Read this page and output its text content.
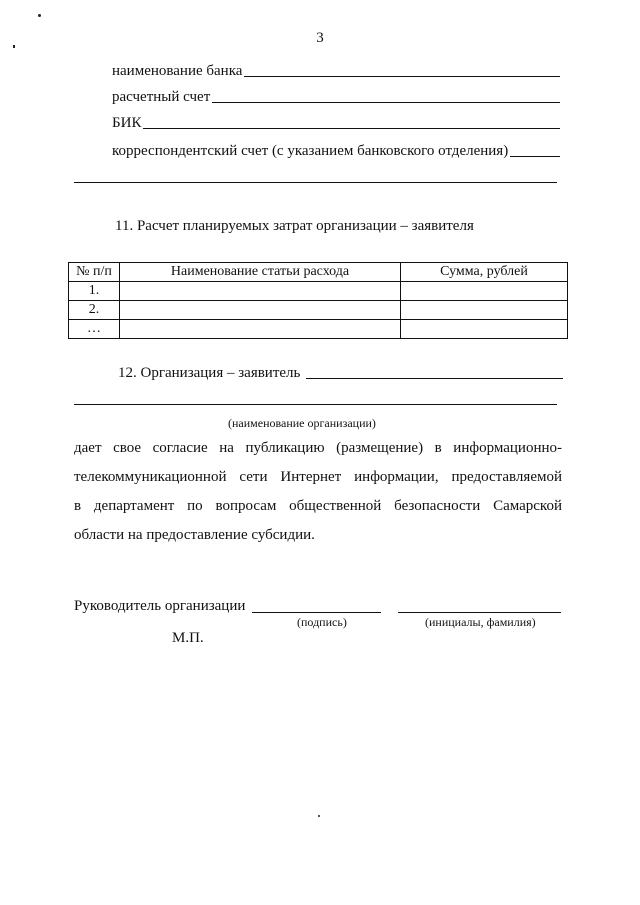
3
наименование банка
расчетный счет
БИК
корреспондентский счет (с указанием банковского отделения)
11. Расчет планируемых затрат организации – заявителя
№ п/п	Наименование статьи расхода	Сумма, рублей
1.		
2.		
…		
12. Организация – заявитель
(наименование организации)

дает свое согласие на публикацию (размещение) в информационно-

телекоммуникационной сети Интернет информации, предоставляемой

в департамент по вопросам общественной безопасности Самарской

области на предоставление субсидии.

Руководитель организации
(подпись)	(инициалы, фамилия)
М.П.
